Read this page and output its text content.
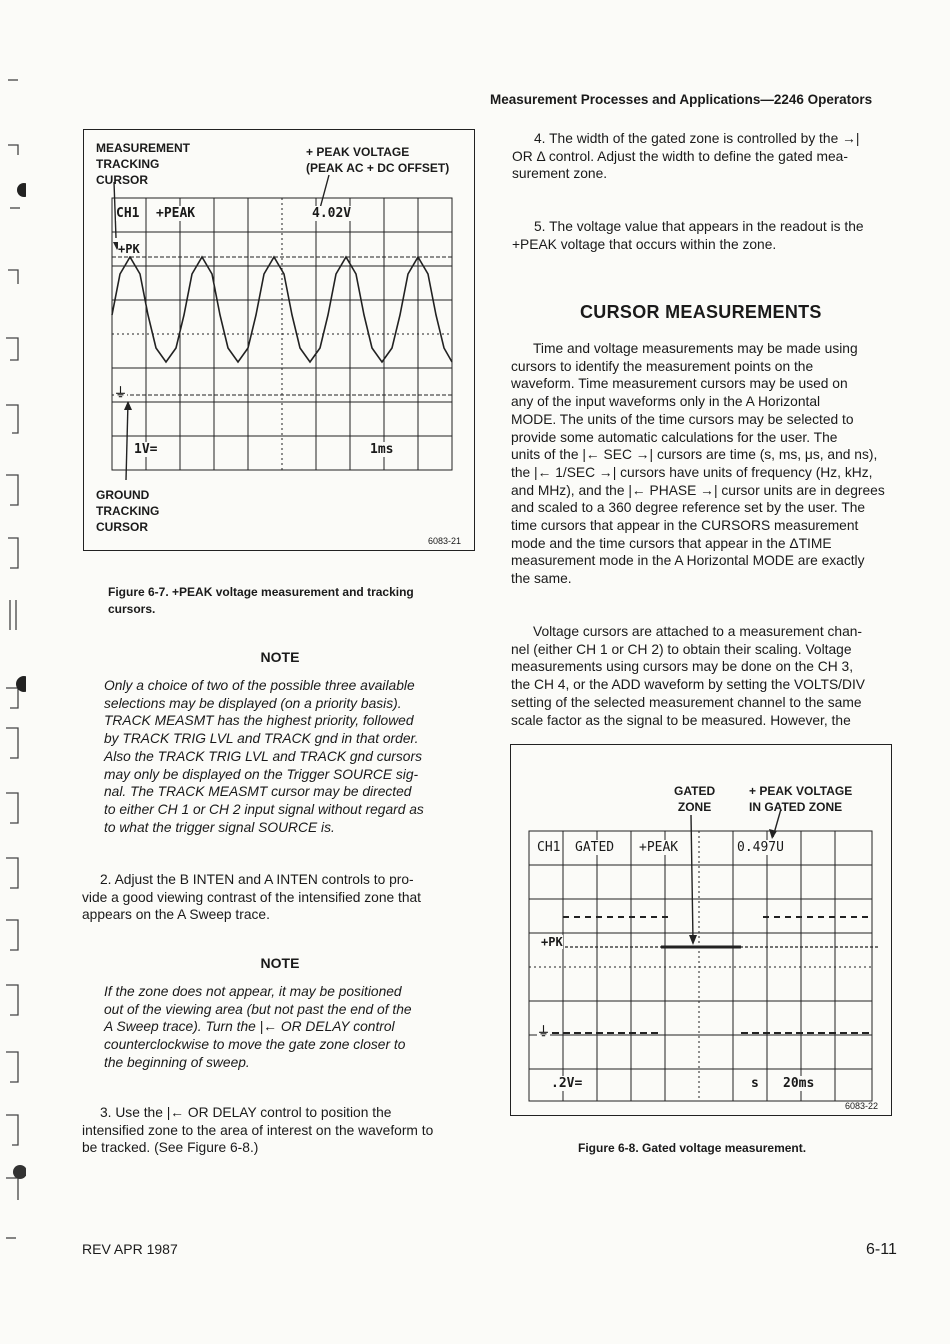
Measurement Processes and Applications—2246 Operators
MEASUREMENT
TRACKING
CURSOR
+ PEAK VOLTAGE
(PEAK AC + DC OFFSET)
CH1 +PEAK	4.02V
+PK
⏚
1V=	1ms
GROUND
TRACKING
CURSOR
6083-21
Figure 6-7. +PEAK voltage measurement and tracking
cursors.
NOTE

Only a choice of two of the possible three available

selections may be displayed (on a priority basis).

TRACK MEASMT has the highest priority, followed

by TRACK TRIG LVL and TRACK gnd in that order.

Also the TRACK TRIG LVL and TRACK gnd cursors

may only be displayed on the Trigger SOURCE sig-

nal. The TRACK MEASMT cursor may be directed

to either CH 1 or CH 2 input signal without regard as

to what the trigger signal SOURCE is.

2. Adjust the B INTEN and A INTEN controls to pro-

vide a good viewing contrast of the intensified zone that

appears on the A Sweep trace.

NOTE

If the zone does not appear, it may be positioned

out of the viewing area (but not past the end of the

A Sweep trace). Turn the |← OR DELAY control

counterclockwise to move the gate zone closer to

the beginning of sweep.

3. Use the |← OR DELAY control to position the

intensified zone to the area of interest on the waveform to

be tracked. (See Figure 6-8.)

4. The width of the gated zone is controlled by the →|

OR Δ control. Adjust the width to define the gated mea-

surement zone.

5. The voltage value that appears in the readout is the

+PEAK voltage that occurs within the zone.

CURSOR MEASUREMENTS

Time and voltage measurements may be made using

cursors to identify the measurement points on the

waveform. Time measurement cursors may be used on

any of the input waveforms only in the A Horizontal

MODE. The units of the time cursors may be selected to

provide some automatic calculations for the user. The

units of the |← SEC →| cursors are time (s, ms, μs, and ns),

the |← 1/SEC →| cursors have units of frequency (Hz, kHz,

and MHz), and the |← PHASE →| cursor units are in degrees

and scaled to a 360 degree reference set by the user. The

time cursors that appear in the CURSORS measurement

mode and the time cursors that appear in the ΔTIME

measurement mode in the A Horizontal MODE are exactly

the same.

Voltage cursors are attached to a measurement chan-

nel (either CH 1 or CH 2) to obtain their scaling. Voltage

measurements using cursors may be done on the CH 3,

the CH 4, or the ADD waveform by setting the VOLTS/DIV

setting of the selected measurement channel to the same

scale factor as the signal to be measured. However, the

GATED
ZONE
+ PEAK VOLTAGE
IN GATED ZONE
CH1 GATED +PEAK	0.497U
+PK
⏚
.2V=	s 20ms
6083-22
Figure 6-8. Gated voltage measurement.
REV APR 1987	6-11
